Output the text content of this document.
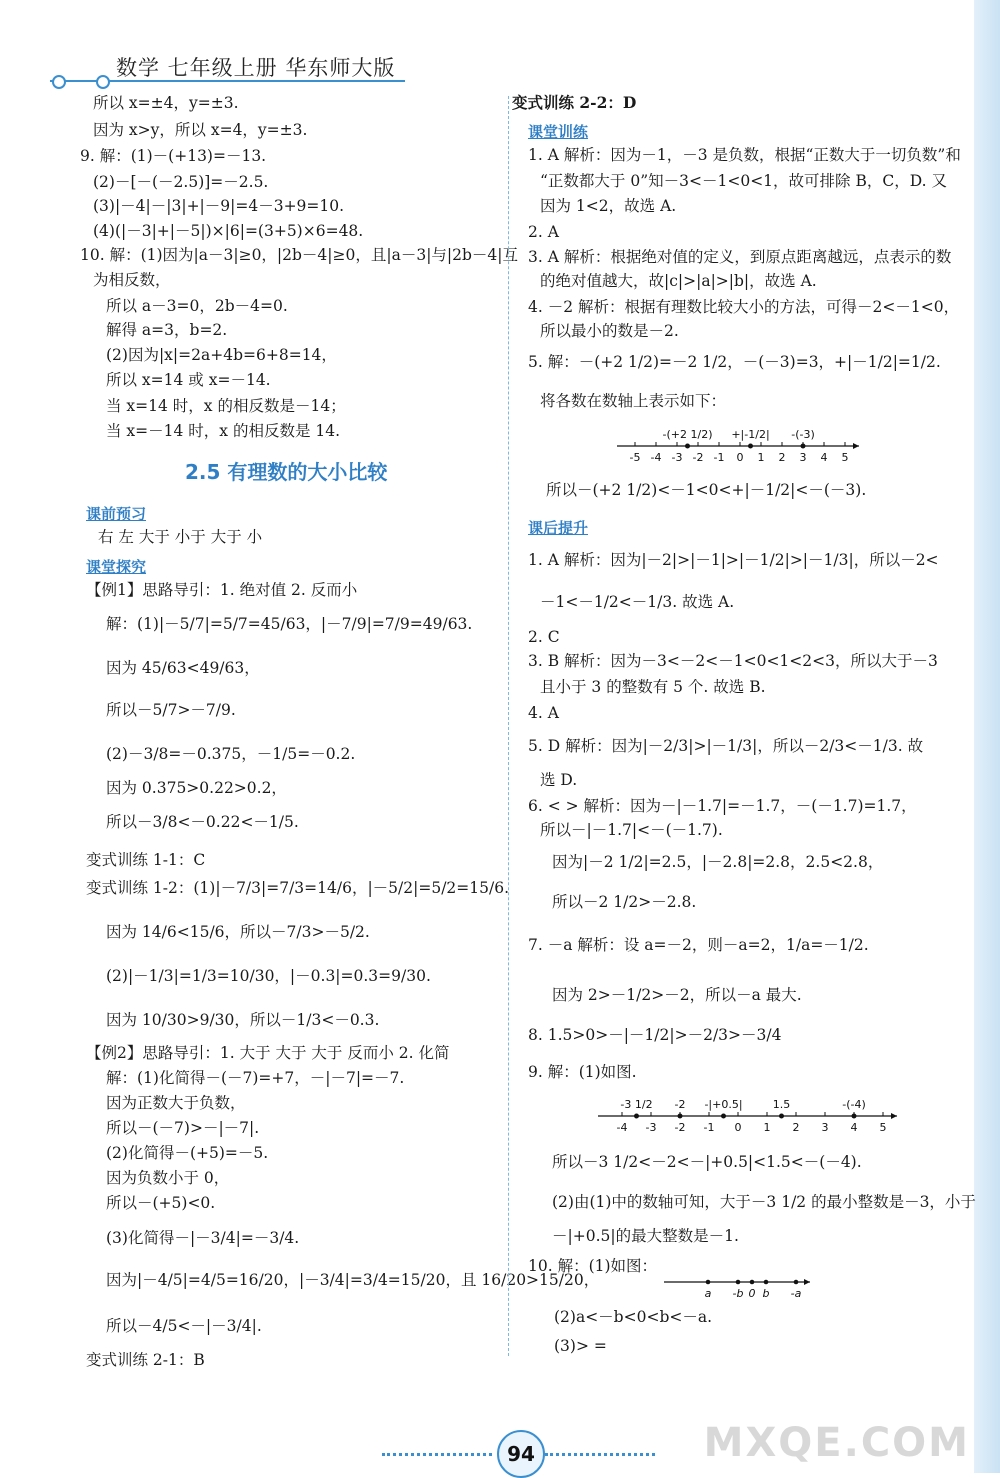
数学 七年级上册 华东师大版
所以 x=±4，y=±3.
因为 x>y，所以 x=4，y=±3.
9. 解：(1)－(+13)=－13.
(2)－[－(－2.5)]=－2.5.
(3)|－4|－|3|+|－9|=4－3+9=10.
(4)(|－3|+|－5|)×|6|=(3+5)×6=48.
10. 解：(1)因为|a－3|≥0，|2b－4|≥0，且|a－3|与|2b－4|互
为相反数，
所以 a－3=0，2b－4=0.
解得 a=3，b=2.
(2)因为|x|=2a+4b=6+8=14，
所以 x=14 或 x=－14.
当 x=14 时，x 的相反数是－14；
当 x=－14 时，x 的相反数是 14.
2.5 有理数的大小比较
课前预习
右 左 大于 小于 大于 小
课堂探究
【例1】思路导引：1. 绝对值 2. 反而小
解：(1)|－5/7|=5/7=45/63，|－7/9|=7/9=49/63.
因为 45/63<49/63，
所以－5/7>－7/9.
(2)－3/8=－0.375，－1/5=－0.2.
因为 0.375>0.22>0.2，
所以－3/8<－0.22<－1/5.
变式训练 1-1：C
变式训练 1-2：(1)|－7/3|=7/3=14/6，|－5/2|=5/2=15/6.
因为 14/6<15/6，所以－7/3>－5/2.
(2)|－1/3|=1/3=10/30，|－0.3|=0.3=9/30.
因为 10/30>9/30，所以－1/3<－0.3.
【例2】思路导引：1. 大于 大于 大于 反而小 2. 化简
解：(1)化简得－(－7)=+7，－|－7|=－7.
因为正数大于负数，
所以－(－7)>－|－7|.
(2)化简得－(+5)=－5.
因为负数小于 0，
所以－(+5)<0.
(3)化简得－|－3/4|=－3/4.
因为|－4/5|=4/5=16/20，|－3/4|=3/4=15/20，且 16/20>15/20，
所以－4/5<－|－3/4|.
变式训练 2-1：B
变式训练 2-2：D
课堂训练
1. A 解析：因为－1，－3 是负数，根据“正数大于一切负数”和
“正数都大于 0”知－3<－1<0<1，故可排除 B，C，D. 又
因为 1<2，故选 A.
2. A
3. A 解析：根据绝对值的定义，到原点距离越远，点表示的数
的绝对值越大，故|c|>|a|>|b|，故选 A.
4. －2 解析：根据有理数比较大小的方法，可得－2<－1<0，
所以最小的数是－2.
5. 解：－(+2 1/2)=－2 1/2，－(－3)=3，+|－1/2|=1/2.
将各数在数轴上表示如下：
所以－(+2 1/2)<－1<0<+|－1/2|<－(－3).
课后提升
1. A 解析：因为|－2|>|－1|>|－1/2|>|－1/3|，所以－2<
－1<－1/2<－1/3. 故选 A.
2. C
3. B 解析：因为－3<－2<－1<0<1<2<3，所以大于－3
且小于 3 的整数有 5 个. 故选 B.
4. A
5. D 解析：因为|－2/3|>|－1/3|，所以－2/3<－1/3. 故
选 D.
6. < > 解析：因为－|－1.7|=－1.7，－(－1.7)=1.7，
所以－|－1.7|<－(－1.7).
因为|－2 1/2|=2.5，|－2.8|=2.8，2.5<2.8，
所以－2 1/2>－2.8.
7. －a 解析：设 a=－2，则－a=2，1/a=－1/2.
因为 2>－1/2>－2，所以－a 最大.
8. 1.5>0>－|－1/2|>－2/3>－3/4
9. 解：(1)如图.
所以－3 1/2<－2<－|+0.5|<1.5<－(－4).
(2)由(1)中的数轴可知，大于－3 1/2 的最小整数是－3，小于
－|+0.5|的最大整数是－1.
10. 解：(1)如图：
(2)a<－b<0<b<－a.
(3)> =
-5 -4 -3 -2 -1 0 1 2 3 4 5
-(+2 1/2) +|-1/2| -(-3)
-4 -3 -2 -1 0 1 2 3 4 5
-3 1/2 -2 -|+0.5|	1.5	-(-4)
a -b 0 b -a
94	MXQE.COM
